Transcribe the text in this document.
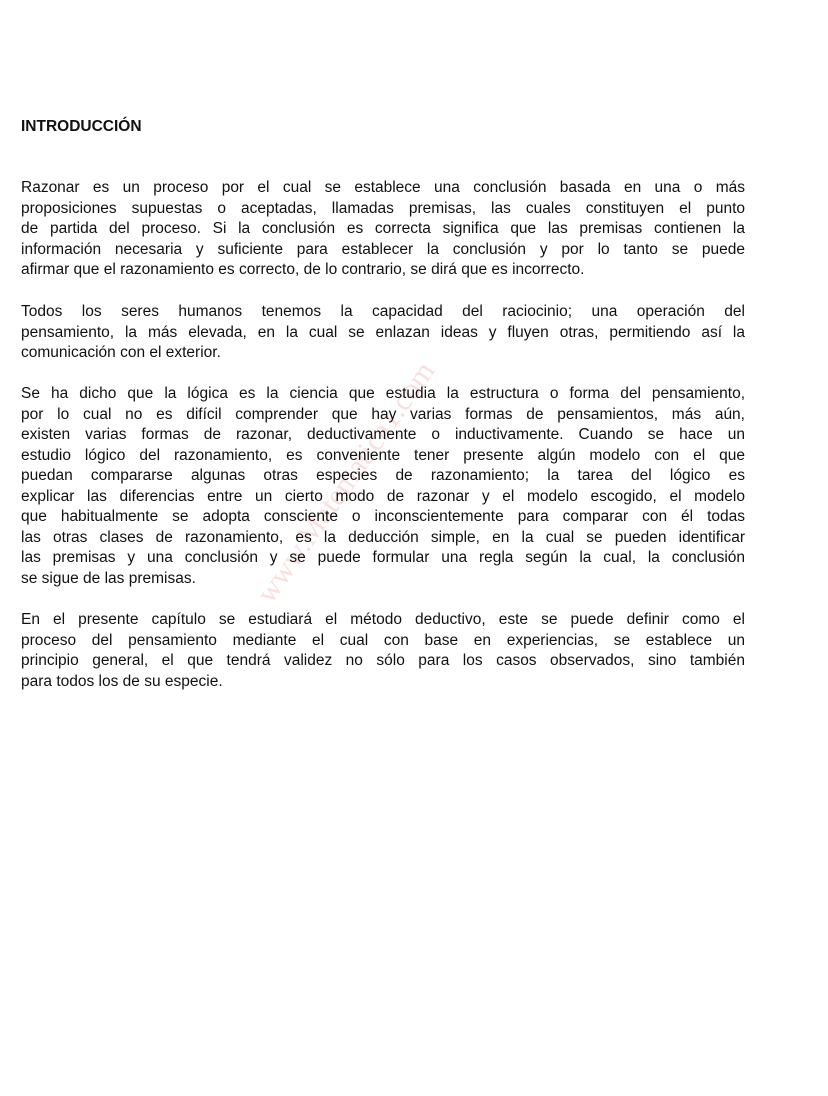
www.Matematica1.com
INTRODUCCIÓN
Razonar es un proceso por el cual se establece una conclusión basada en una o más
proposiciones supuestas o aceptadas, llamadas premisas, las cuales constituyen el punto
de partida del proceso. Si la conclusión es correcta significa que las premisas contienen la
información necesaria y suficiente para establecer la conclusión y por lo tanto se puede
afirmar que el razonamiento es correcto, de lo contrario, se dirá que es incorrecto.
Todos los seres humanos tenemos la capacidad del raciocinio; una operación del
pensamiento, la más elevada, en la cual se enlazan ideas y fluyen otras, permitiendo así la
comunicación con el exterior.
Se ha dicho que la lógica es la ciencia que estudia la estructura o forma del pensamiento,
por lo cual no es difícil comprender que hay varias formas de pensamientos, más aún,
existen varias formas de razonar, deductivamente o inductivamente. Cuando se hace un
estudio lógico del razonamiento, es conveniente tener presente algún modelo con el que
puedan compararse algunas otras especies de razonamiento; la tarea del lógico es
explicar las diferencias entre un cierto modo de razonar y el modelo escogido, el modelo
que habitualmente se adopta consciente o inconscientemente para comparar con él todas
las otras clases de razonamiento, es la deducción simple, en la cual se pueden identificar
las premisas y una conclusión y se puede formular una regla según la cual, la conclusión
se sigue de las premisas.
En el presente capítulo se estudiará el método deductivo, este se puede definir como el
proceso del pensamiento mediante el cual con base en experiencias, se establece un
principio general, el que tendrá validez no sólo para los casos observados, sino también
para todos los de su especie.
